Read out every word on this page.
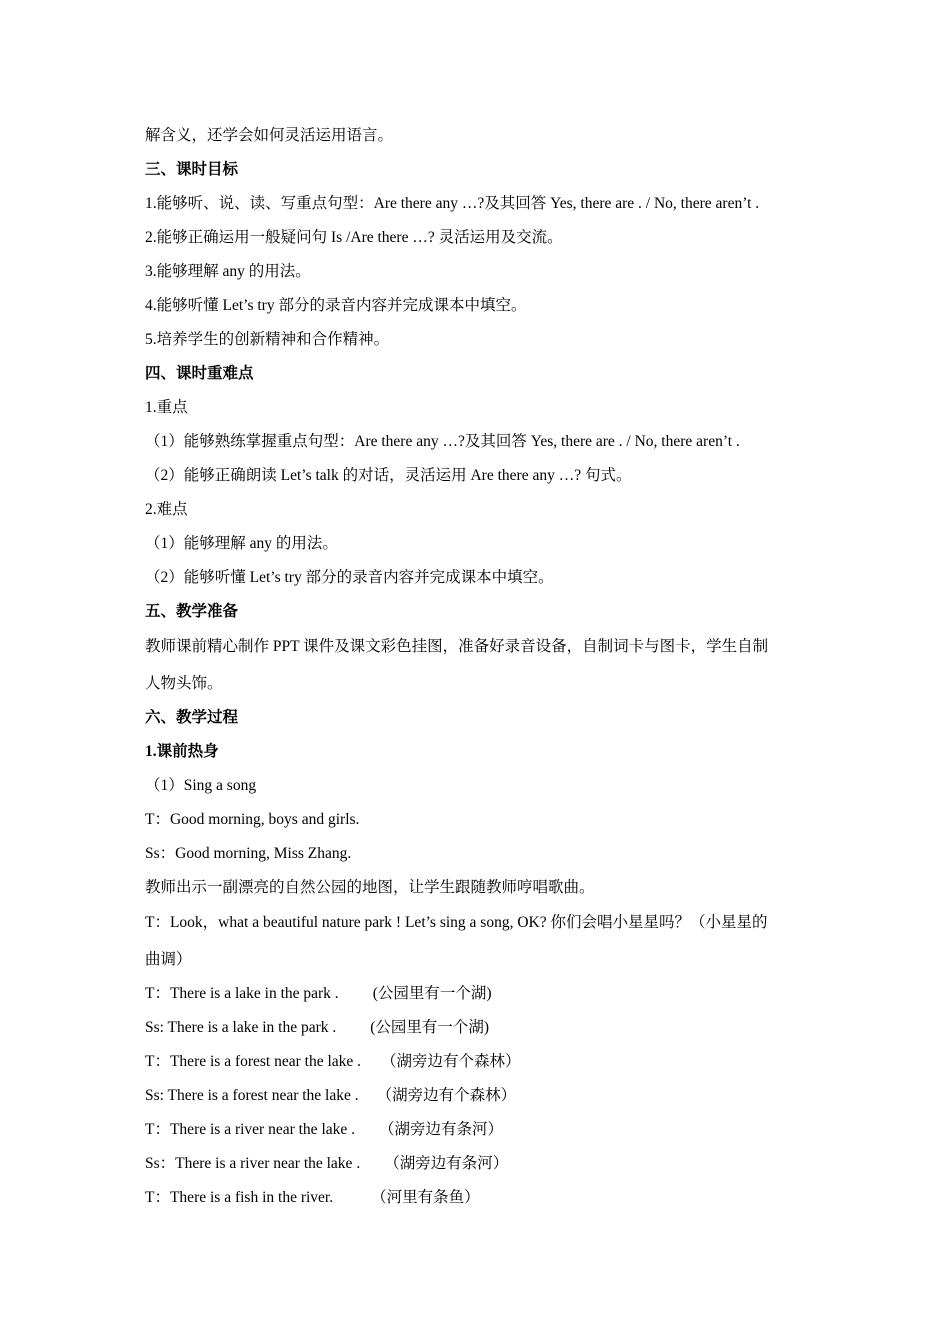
解含义，还学会如何灵活运用语言。
三、课时目标
1.能够听、说、读、写重点句型：Are there any …?及其回答 Yes, there are . / No, there aren’t .
2.能够正确运用一般疑问句 Is /Are there …? 灵活运用及交流。
3.能够理解 any 的用法。
4.能够听懂 Let’s try 部分的录音内容并完成课本中填空。
5.培养学生的创新精神和合作精神。
四、课时重难点
1.重点
（1）能够熟练掌握重点句型：Are there any …?及其回答 Yes, there are . / No, there aren’t .
（2）能够正确朗读 Let’s talk 的对话，灵活运用 Are there any …? 句式。
2.难点
（1）能够理解 any 的用法。
（2）能够听懂 Let’s try 部分的录音内容并完成课本中填空。
五、教学准备
教师课前精心制作 PPT 课件及课文彩色挂图，准备好录音设备，自制词卡与图卡，学生自制
人物头饰。
六、教学过程
1.课前热身
（1）Sing a song
T：Good morning, boys and girls.
Ss：Good morning, Miss Zhang.
教师出示一副漂亮的自然公园的地图，让学生跟随教师哼唱歌曲。
T：Look，what a beautiful nature park ! Let’s sing a song, OK? 你们会唱小星星吗？（小星星的
曲调）
T：There is a lake in the park . (公园里有一个湖)
Ss: There is a lake in the park . (公园里有一个湖)
T：There is a forest near the lake . （湖旁边有个森林）
Ss: There is a forest near the lake . （湖旁边有个森林）
T：There is a river near the lake . （湖旁边有条河）
Ss：There is a river near the lake . （湖旁边有条河）
T：There is a fish in the river. （河里有条鱼）
